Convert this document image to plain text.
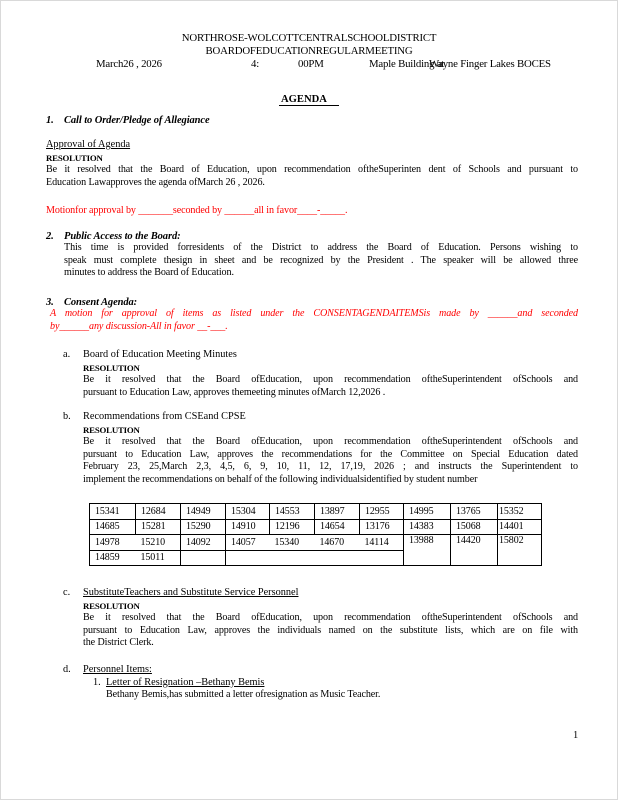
NORTHROSE-WOLCOTTCENTRALSCHOOLDISTRICT
BOARDOFEDUCATIONREGULARMEETING
March26 , 2026	4:	00PM	Maple Building at
Wayne Finger Lakes BOCES
AGENDA
1. Call to Order/Pledge of Allegiance
Approval of Agenda
RESOLUTION
Be it resolved that the Board of Education, upon recommendation oftheSuperinten dent of Schools and pursuant to
Education Lawapproves the agenda ofMarch 26 , 2026.
Motionfor approval by _______seconded by ______all in favor____-_____.
2. Public Access to the Board:
This time is provided forresidents of the District to address the Board of Education. Persons wishing to
speak must complete thesign in sheet and be recognized by the President . The speaker will be allowed three
minutes to address the Board of Education.
3. Consent Agenda:
A motion for approval of items as listed under the CONSENTAGENDAITEMSis made by ______and seconded
by______any discussion-All in favor __-___.
a. Board of Education Meeting Minutes
RESOLUTION
Be it resolved that the Board ofEducation, upon recommendation oftheSuperintendent ofSchools and
pursuant to Education Law, approves themeeting minutes ofMarch 12,2026 .
b. Recommendations from CSEand CPSE
RESOLUTION
Be it resolved that the Board ofEducation, upon recommendation oftheSuperintendent ofSchools and
pursuant to Education Law, approves the recommendations for the Committee on Special Education dated
February 23, 25,March 2,3, 4,5, 6, 9, 10, 11, 12, 17,19, 2026 ; and instructs the Superintendent to
implement the recommendations on behalf of the following individualsidentified by student number
15341	12684	14949	15304	14553	13897	12955	14995	13765	15352
14685	15281	15290	14910	12196	14654	13176	14383	15068	14401
14978	15210	14092	14057	15340	14670	14114	13988	14420	15802
14859	15011								
c. SubstituteTeachers and Substitute Service Personnel
RESOLUTION
Be it resolved that the Board ofEducation, upon recommendation oftheSuperintendent ofSchools and
pursuant to Education Law, approves the individuals named on the substitute lists, which are on file with
the District Clerk.
d. Personnel Items:
1. Letter of Resignation –Bethany Bemis
Bethany Bemis,has submitted a letter ofresignation as Music Teacher.
1
